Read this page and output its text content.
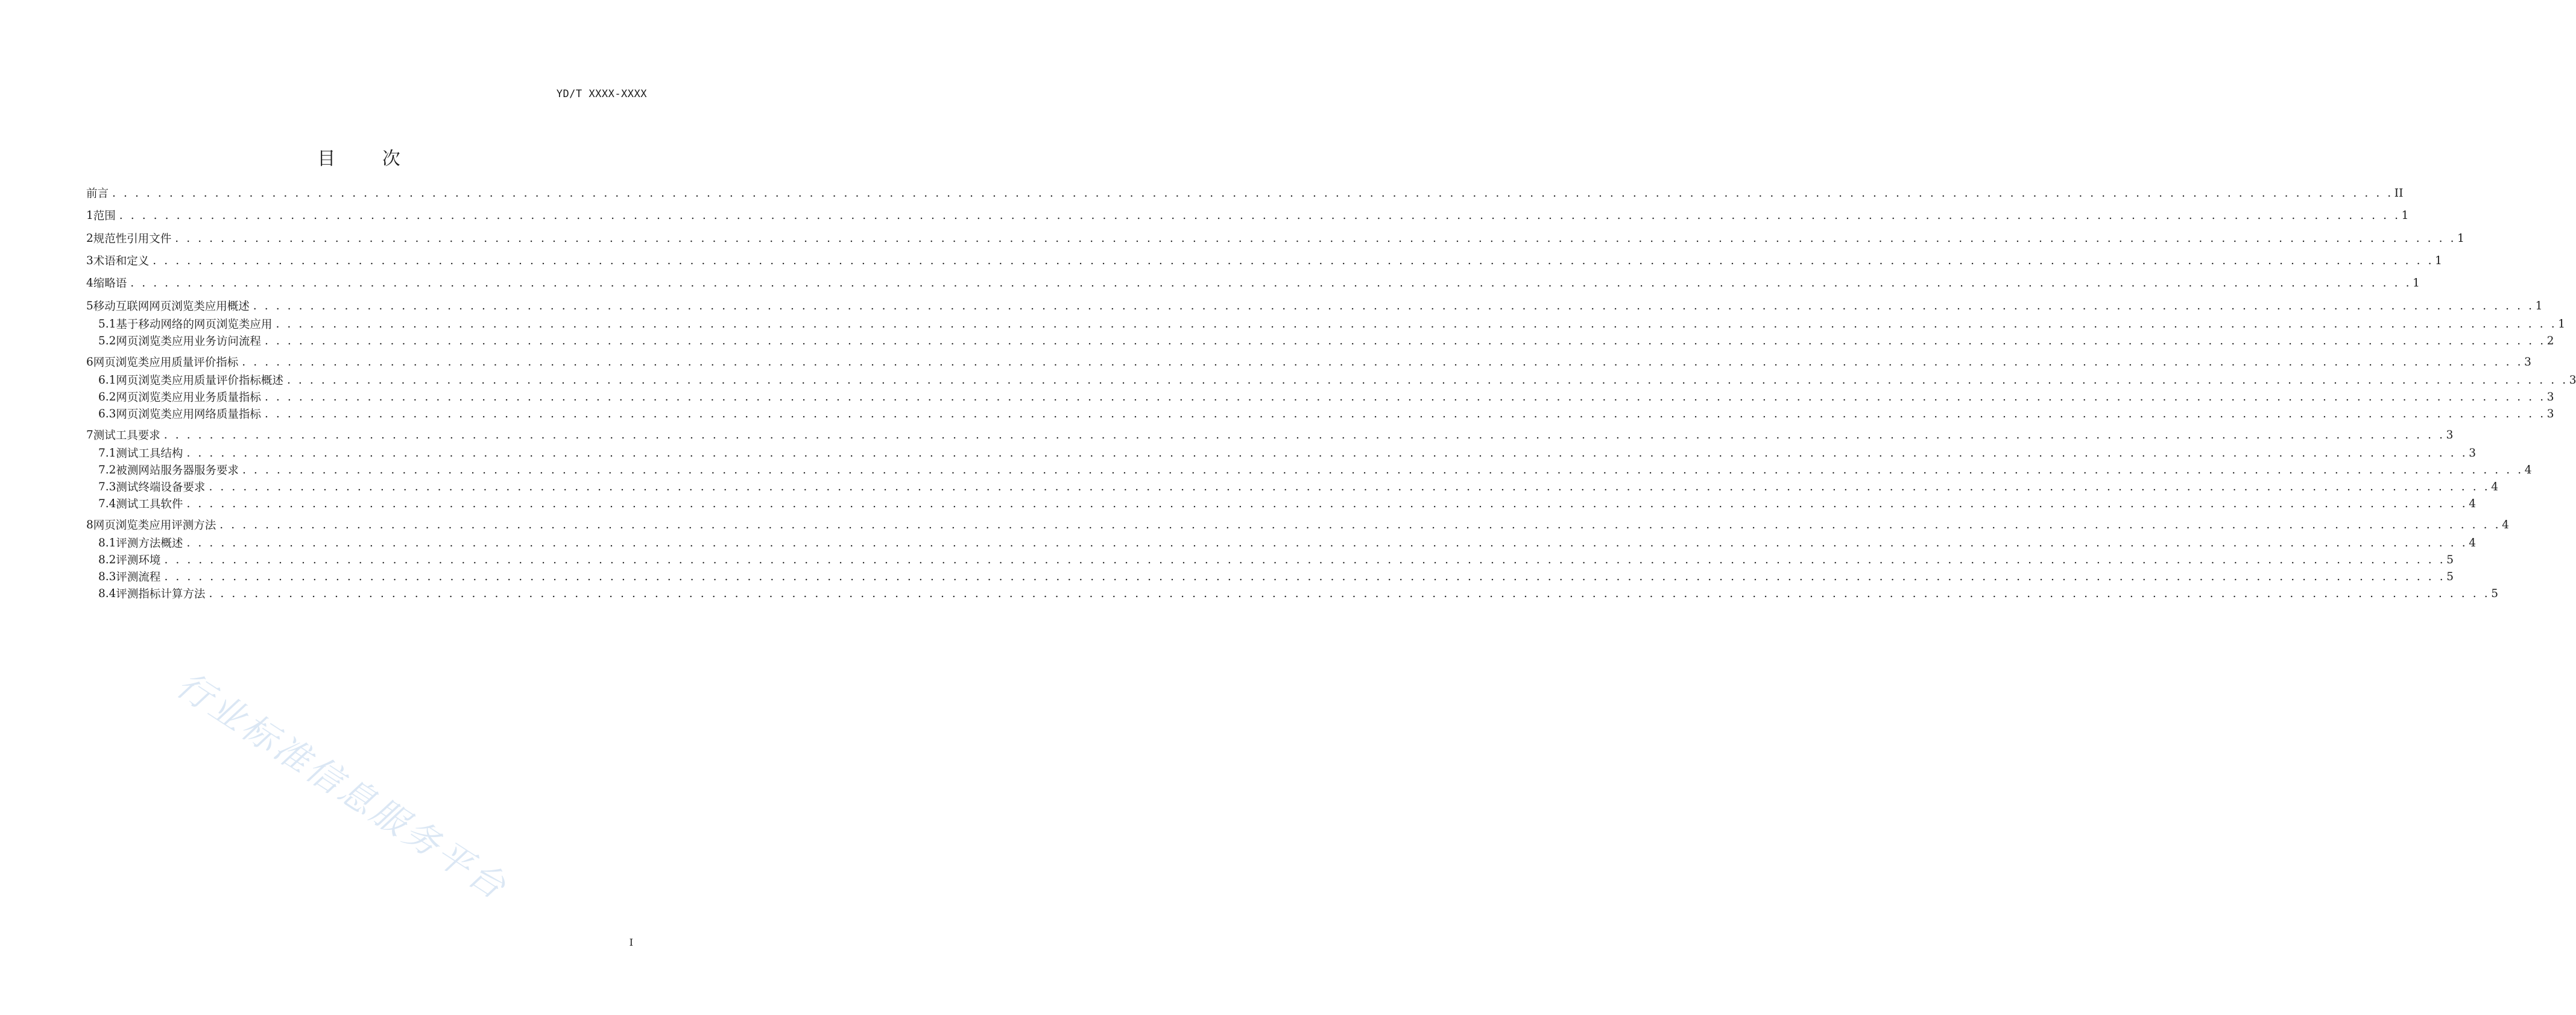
YD/T XXXX-XXXX
目 次
前言 . . . . . . . . . . . . . . . . . . . . . . . . . . . . . . . . . . . . . . . . . . . . . . . . . . . . . . . . . . . . . . . . . . . . . . . . . . . . . . . . . . . . . . . . . . . . . . . . . . . . . . . . . . . . . . . . . . . . . . . . . . . . . . . . . . . . . . . . . . . . . . . . . . . . . . . . . . . . . . . . . . . . . . . . . . . . . . . . . . . . . . . . . . . . . . . . . . . . . . . . II
1 范围 . . . . . . . . . . . . . . . . . . . . . . . . . . . . . . . . . . . . . . . . . . . . . . . . . . . . . . . . . . . . . . . . . . . . . . . . . . . . . . . . . . . . . . . . . . . . . . . . . . . . . . . . . . . . . . . . . . . . . . . . . . . . . . . . . . . . . . . . . . . . . . . . . . . . . . . . . . . . . . . . . . . . . . . . . . . . . . . . . . . . . . . . . . . . . . . . . . . . . . . . 1
2 规范性引用文件 . . . . . . . . . . . . . . . . . . . . . . . . . . . . . . . . . . . . . . . . . . . . . . . . . . . . . . . . . . . . . . . . . . . . . . . . . . . . . . . . . . . . . . . . . . . . . . . . . . . . . . . . . . . . . . . . . . . . . . . . . . . . . . . . . . . . . . . . . . . . . . . . . . . . . . . . . . . . . . . . . . . . . . . . . . . . . . . . . . . . . . . . . . . . . . . . . . . . . . . . 1
3 术语和定义 . . . . . . . . . . . . . . . . . . . . . . . . . . . . . . . . . . . . . . . . . . . . . . . . . . . . . . . . . . . . . . . . . . . . . . . . . . . . . . . . . . . . . . . . . . . . . . . . . . . . . . . . . . . . . . . . . . . . . . . . . . . . . . . . . . . . . . . . . . . . . . . . . . . . . . . . . . . . . . . . . . . . . . . . . . . . . . . . . . . . . . . . . . . . . . . . . . . . . . . . 1
4 缩略语 . . . . . . . . . . . . . . . . . . . . . . . . . . . . . . . . . . . . . . . . . . . . . . . . . . . . . . . . . . . . . . . . . . . . . . . . . . . . . . . . . . . . . . . . . . . . . . . . . . . . . . . . . . . . . . . . . . . . . . . . . . . . . . . . . . . . . . . . . . . . . . . . . . . . . . . . . . . . . . . . . . . . . . . . . . . . . . . . . . . . . . . . . . . . . . . . . . . . . . . . 1
5 移动互联网网页浏览类应用概述 . . . . . . . . . . . . . . . . . . . . . . . . . . . . . . . . . . . . . . . . . . . . . . . . . . . . . . . . . . . . . . . . . . . . . . . . . . . . . . . . . . . . . . . . . . . . . . . . . . . . . . . . . . . . . . . . . . . . . . . . . . . . . . . . . . . . . . . . . . . . . . . . . . . . . . . . . . . . . . . . . . . . . . . . . . . . . . . . . . . . . . . . . . . . . . . . . . . . . . . . 1
5.1 基于移动网络的网页浏览类应用 . . . . . . . . . . . . . . . . . . . . . . . . . . . . . . . . . . . . . . . . . . . . . . . . . . . . . . . . . . . . . . . . . . . . . . . . . . . . . . . . . . . . . . . . . . . . . . . . . . . . . . . . . . . . . . . . . . . . . . . . . . . . . . . . . . . . . . . . . . . . . . . . . . . . . . . . . . . . . . . . . . . . . . . . . . . . . . . . . . . . . . . . . . . . . . . . . . . . . . . . 1
5.2 网页浏览类应用业务访问流程 . . . . . . . . . . . . . . . . . . . . . . . . . . . . . . . . . . . . . . . . . . . . . . . . . . . . . . . . . . . . . . . . . . . . . . . . . . . . . . . . . . . . . . . . . . . . . . . . . . . . . . . . . . . . . . . . . . . . . . . . . . . . . . . . . . . . . . . . . . . . . . . . . . . . . . . . . . . . . . . . . . . . . . . . . . . . . . . . . . . . . . . . . . . . . . . . . . . . . . . . 2
6 网页浏览类应用质量评价指标 . . . . . . . . . . . . . . . . . . . . . . . . . . . . . . . . . . . . . . . . . . . . . . . . . . . . . . . . . . . . . . . . . . . . . . . . . . . . . . . . . . . . . . . . . . . . . . . . . . . . . . . . . . . . . . . . . . . . . . . . . . . . . . . . . . . . . . . . . . . . . . . . . . . . . . . . . . . . . . . . . . . . . . . . . . . . . . . . . . . . . . . . . . . . . . . . . . . . . . . . 3
6.1 网页浏览类应用质量评价指标概述 . . . . . . . . . . . . . . . . . . . . . . . . . . . . . . . . . . . . . . . . . . . . . . . . . . . . . . . . . . . . . . . . . . . . . . . . . . . . . . . . . . . . . . . . . . . . . . . . . . . . . . . . . . . . . . . . . . . . . . . . . . . . . . . . . . . . . . . . . . . . . . . . . . . . . . . . . . . . . . . . . . . . . . . . . . . . . . . . . . . . . . . . . . . . . . . . . . . . . . . . 3
6.2 网页浏览类应用业务质量指标 . . . . . . . . . . . . . . . . . . . . . . . . . . . . . . . . . . . . . . . . . . . . . . . . . . . . . . . . . . . . . . . . . . . . . . . . . . . . . . . . . . . . . . . . . . . . . . . . . . . . . . . . . . . . . . . . . . . . . . . . . . . . . . . . . . . . . . . . . . . . . . . . . . . . . . . . . . . . . . . . . . . . . . . . . . . . . . . . . . . . . . . . . . . . . . . . . . . . . . . . 3
6.3 网页浏览类应用网络质量指标 . . . . . . . . . . . . . . . . . . . . . . . . . . . . . . . . . . . . . . . . . . . . . . . . . . . . . . . . . . . . . . . . . . . . . . . . . . . . . . . . . . . . . . . . . . . . . . . . . . . . . . . . . . . . . . . . . . . . . . . . . . . . . . . . . . . . . . . . . . . . . . . . . . . . . . . . . . . . . . . . . . . . . . . . . . . . . . . . . . . . . . . . . . . . . . . . . . . . . . . . 3
7 测试工具要求 . . . . . . . . . . . . . . . . . . . . . . . . . . . . . . . . . . . . . . . . . . . . . . . . . . . . . . . . . . . . . . . . . . . . . . . . . . . . . . . . . . . . . . . . . . . . . . . . . . . . . . . . . . . . . . . . . . . . . . . . . . . . . . . . . . . . . . . . . . . . . . . . . . . . . . . . . . . . . . . . . . . . . . . . . . . . . . . . . . . . . . . . . . . . . . . . . . . . . . . . 3
7.1 测试工具结构 . . . . . . . . . . . . . . . . . . . . . . . . . . . . . . . . . . . . . . . . . . . . . . . . . . . . . . . . . . . . . . . . . . . . . . . . . . . . . . . . . . . . . . . . . . . . . . . . . . . . . . . . . . . . . . . . . . . . . . . . . . . . . . . . . . . . . . . . . . . . . . . . . . . . . . . . . . . . . . . . . . . . . . . . . . . . . . . . . . . . . . . . . . . . . . . . . . . . . . . . 3
7.2 被测网站服务器服务要求 . . . . . . . . . . . . . . . . . . . . . . . . . . . . . . . . . . . . . . . . . . . . . . . . . . . . . . . . . . . . . . . . . . . . . . . . . . . . . . . . . . . . . . . . . . . . . . . . . . . . . . . . . . . . . . . . . . . . . . . . . . . . . . . . . . . . . . . . . . . . . . . . . . . . . . . . . . . . . . . . . . . . . . . . . . . . . . . . . . . . . . . . . . . . . . . . . . . . . . . . 4
7.3 测试终端设备要求 . . . . . . . . . . . . . . . . . . . . . . . . . . . . . . . . . . . . . . . . . . . . . . . . . . . . . . . . . . . . . . . . . . . . . . . . . . . . . . . . . . . . . . . . . . . . . . . . . . . . . . . . . . . . . . . . . . . . . . . . . . . . . . . . . . . . . . . . . . . . . . . . . . . . . . . . . . . . . . . . . . . . . . . . . . . . . . . . . . . . . . . . . . . . . . . . . . . . . . . . 4
7.4 测试工具软件 . . . . . . . . . . . . . . . . . . . . . . . . . . . . . . . . . . . . . . . . . . . . . . . . . . . . . . . . . . . . . . . . . . . . . . . . . . . . . . . . . . . . . . . . . . . . . . . . . . . . . . . . . . . . . . . . . . . . . . . . . . . . . . . . . . . . . . . . . . . . . . . . . . . . . . . . . . . . . . . . . . . . . . . . . . . . . . . . . . . . . . . . . . . . . . . . . . . . . . . . 4
8 网页浏览类应用评测方法 . . . . . . . . . . . . . . . . . . . . . . . . . . . . . . . . . . . . . . . . . . . . . . . . . . . . . . . . . . . . . . . . . . . . . . . . . . . . . . . . . . . . . . . . . . . . . . . . . . . . . . . . . . . . . . . . . . . . . . . . . . . . . . . . . . . . . . . . . . . . . . . . . . . . . . . . . . . . . . . . . . . . . . . . . . . . . . . . . . . . . . . . . . . . . . . . . . . . . . . . 4
8.1 评测方法概述 . . . . . . . . . . . . . . . . . . . . . . . . . . . . . . . . . . . . . . . . . . . . . . . . . . . . . . . . . . . . . . . . . . . . . . . . . . . . . . . . . . . . . . . . . . . . . . . . . . . . . . . . . . . . . . . . . . . . . . . . . . . . . . . . . . . . . . . . . . . . . . . . . . . . . . . . . . . . . . . . . . . . . . . . . . . . . . . . . . . . . . . . . . . . . . . . . . . . . . . . 4
8.2 评测环境 . . . . . . . . . . . . . . . . . . . . . . . . . . . . . . . . . . . . . . . . . . . . . . . . . . . . . . . . . . . . . . . . . . . . . . . . . . . . . . . . . . . . . . . . . . . . . . . . . . . . . . . . . . . . . . . . . . . . . . . . . . . . . . . . . . . . . . . . . . . . . . . . . . . . . . . . . . . . . . . . . . . . . . . . . . . . . . . . . . . . . . . . . . . . . . . . . . . . . . . . 5
8.3 评测流程 . . . . . . . . . . . . . . . . . . . . . . . . . . . . . . . . . . . . . . . . . . . . . . . . . . . . . . . . . . . . . . . . . . . . . . . . . . . . . . . . . . . . . . . . . . . . . . . . . . . . . . . . . . . . . . . . . . . . . . . . . . . . . . . . . . . . . . . . . . . . . . . . . . . . . . . . . . . . . . . . . . . . . . . . . . . . . . . . . . . . . . . . . . . . . . . . . . . . . . . . 5
8.4 评测指标计算方法 . . . . . . . . . . . . . . . . . . . . . . . . . . . . . . . . . . . . . . . . . . . . . . . . . . . . . . . . . . . . . . . . . . . . . . . . . . . . . . . . . . . . . . . . . . . . . . . . . . . . . . . . . . . . . . . . . . . . . . . . . . . . . . . . . . . . . . . . . . . . . . . . . . . . . . . . . . . . . . . . . . . . . . . . . . . . . . . . . . . . . . . . . . . . . . . . . . . . . . . . 5
行业标准信息服务平台
I
